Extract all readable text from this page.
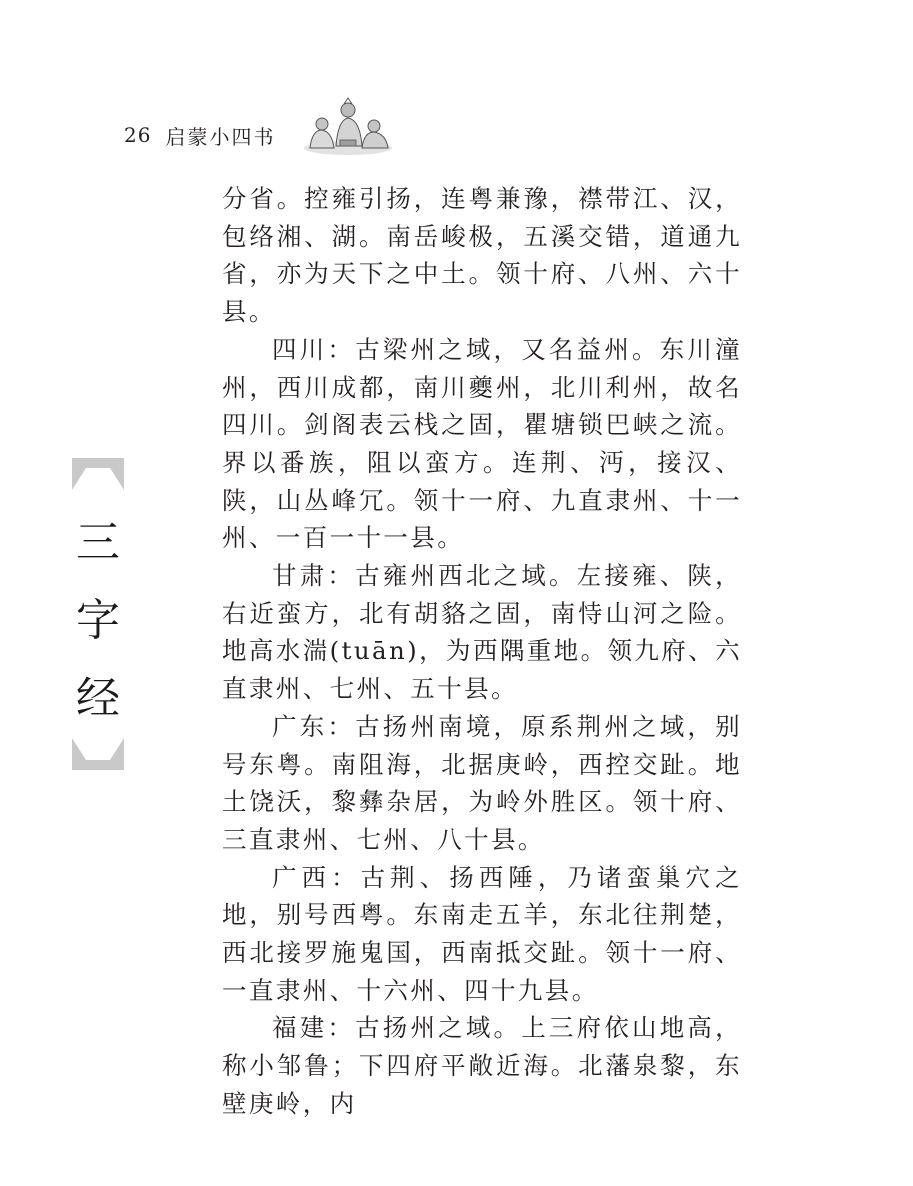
26 启蒙小四书

分省。控雍引扬，连粤兼豫，襟带江、汉，包络湘、湖。南岳峻极，五溪交错，道通九省，亦为天下之中土。领十府、八州、六十县。

四川：古梁州之域，又名益州。东川潼州，西川成都，南川夔州，北川利州，故名四川。剑阁表云栈之固，瞿塘锁巴峡之流。界以番族，阻以蛮方。连荆、沔，接汉、陕，山丛峰冗。领十一府、九直隶州、十一州、一百一十一县。

甘肃：古雍州西北之域。左接雍、陕，右近蛮方，北有胡貉之固，南恃山河之险。地高水湍(tuān)，为西隅重地。领九府、六直隶州、七州、五十县。

广东：古扬州南境，原系荆州之域，别号东粤。南阻海，北据庚岭，西控交趾。地土饶沃，黎彝杂居，为岭外胜区。领十府、三直隶州、七州、八十县。

广西：古荆、扬西陲，乃诸蛮巢穴之地，别号西粤。东南走五羊，东北往荆楚，西北接罗施鬼国，西南抵交趾。领十一府、一直隶州、十六州、四十九县。

福建：古扬州之域。上三府依山地高，称小邹鲁；下四府平敞近海。北藩泉黎，东壁庚岭，内

三
字
经
